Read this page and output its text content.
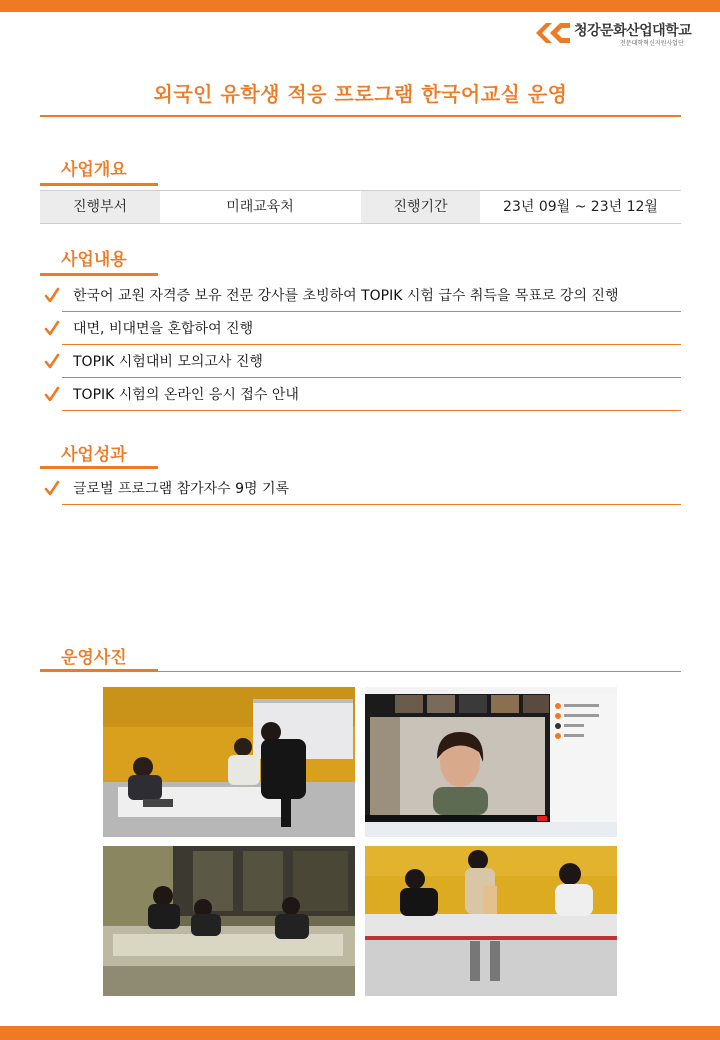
청강문화산업대학교
전문대학혁신지원사업단
외국인 유학생 적응 프로그램 한국어교실 운영
사업개요
진행부서	미래교육처	진행기간	23년 09월 ~ 23년 12월
사업내용
한국어 교원 자격증 보유 전문 강사를 초빙하여 TOPIK 시험 급수 취득을 목표로 강의 진행
대면, 비대면을 혼합하여 진행
TOPIK 시험대비 모의고사 진행
TOPIK 시험의 온라인 응시 접수 안내
사업성과
글로벌 프로그램 참가자수 9명 기록
운영사진
